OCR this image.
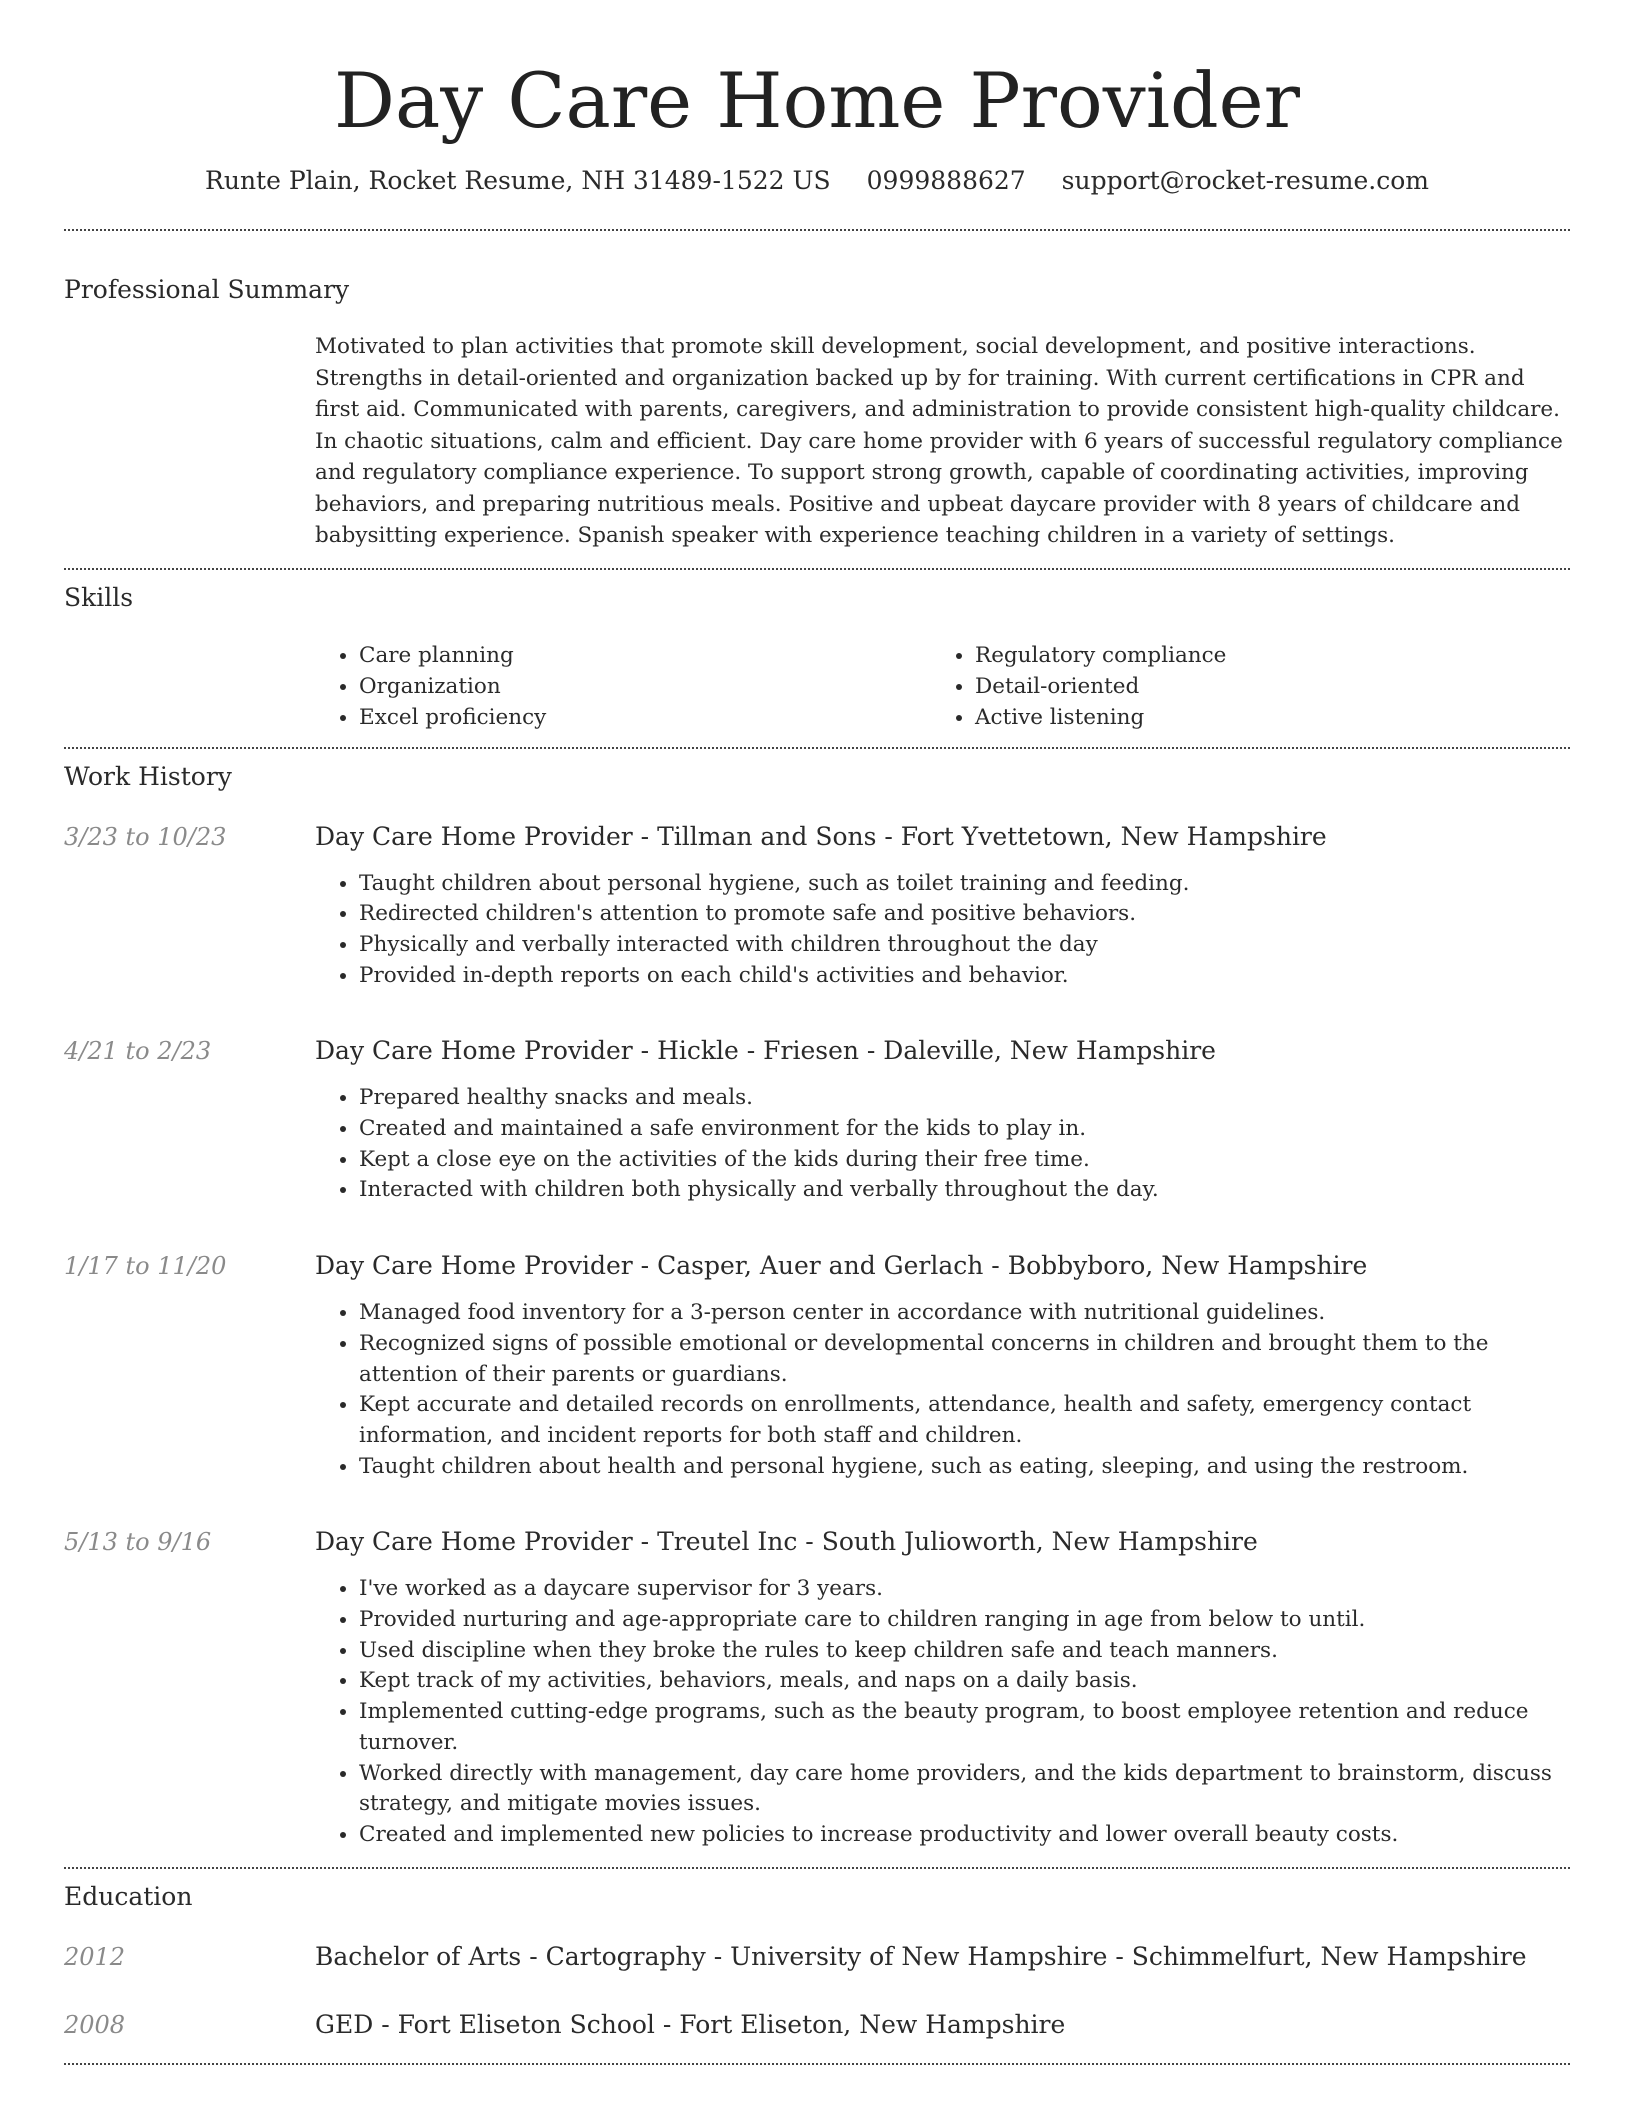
Day Care Home Provider
Runte Plain, Rocket Resume, NH 31489-1522 US 0999888627 support@rocket-resume.com
Professional Summary
Motivated to plan activities that promote skill development, social development, and positive interactions. Strengths in detail-oriented and organization backed up by for training. With current certifications in CPR and first aid. Communicated with parents, caregivers, and administration to provide consistent high-quality childcare. In chaotic situations, calm and efficient. Day care home provider with 6 years of successful regulatory compliance and regulatory compliance experience. To support strong growth, capable of coordinating activities, improving behaviors, and preparing nutritious meals. Positive and upbeat daycare provider with 8 years of childcare and babysitting experience. Spanish speaker with experience teaching children in a variety of settings.
Skills
• Care planning
• Organization
• Excel proficiency
• Regulatory compliance
• Detail-oriented
• Active listening
Work History
3/23 to 10/23	Day Care Home Provider - Tillman and Sons - Fort Yvettetown, New Hampshire
• Taught children about personal hygiene, such as toilet training and feeding.
• Redirected children's attention to promote safe and positive behaviors.
• Physically and verbally interacted with children throughout the day
• Provided in-depth reports on each child's activities and behavior.
4/21 to 2/23	Day Care Home Provider - Hickle - Friesen - Daleville, New Hampshire
• Prepared healthy snacks and meals.
• Created and maintained a safe environment for the kids to play in.
• Kept a close eye on the activities of the kids during their free time.
• Interacted with children both physically and verbally throughout the day.
1/17 to 11/20	Day Care Home Provider - Casper, Auer and Gerlach - Bobbyboro, New Hampshire
• Managed food inventory for a 3-person center in accordance with nutritional guidelines.
• Recognized signs of possible emotional or developmental concerns in children and brought them to the attention of their parents or guardians.
• Kept accurate and detailed records on enrollments, attendance, health and safety, emergency contact information, and incident reports for both staff and children.
• Taught children about health and personal hygiene, such as eating, sleeping, and using the restroom.
5/13 to 9/16	Day Care Home Provider - Treutel Inc - South Julioworth, New Hampshire
• I've worked as a daycare supervisor for 3 years.
• Provided nurturing and age-appropriate care to children ranging in age from below to until.
• Used discipline when they broke the rules to keep children safe and teach manners.
• Kept track of my activities, behaviors, meals, and naps on a daily basis.
• Implemented cutting-edge programs, such as the beauty program, to boost employee retention and reduce turnover.
• Worked directly with management, day care home providers, and the kids department to brainstorm, discuss strategy, and mitigate movies issues.
• Created and implemented new policies to increase productivity and lower overall beauty costs.
Education
2012	Bachelor of Arts - Cartography - University of New Hampshire - Schimmelfurt, New Hampshire
2008	GED - Fort Eliseton School - Fort Eliseton, New Hampshire
